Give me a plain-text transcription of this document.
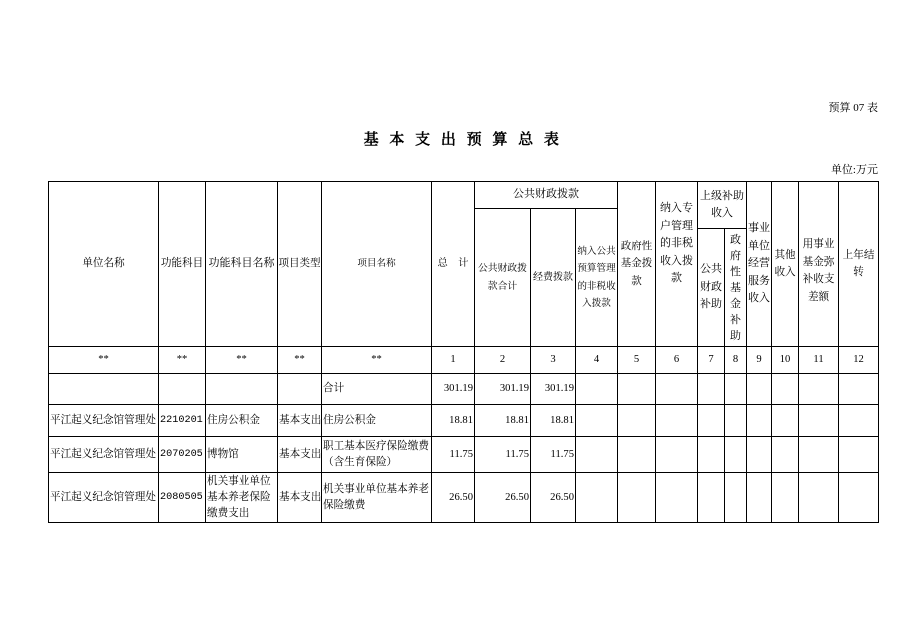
预算 07 表
基 本 支 出 预 算 总 表
单位:万元
单位名称	功能科目	功能科目名称	项目类型	项目名称	总　计	公共财政拨款			政府性基金拨款	纳入专户管理的非税收入拨款	上级补助收入		事业单位经营服务收入	其他收入	用事业基金弥补收支差额	上年结转
						公共财政拨款合计	经费拨款	纳入公共预算管理的非税收入拨款								
											公共财政补助	政府性基金补助				
**	**	**	**	**	1	2	3	4	5	6	7	8	9	10	11	12
				合计	301.19	301.19	301.19									
平江起义纪念馆管理处	2210201	住房公积金	基本支出	住房公积金	18.81	18.81	18.81									
平江起义纪念馆管理处	2070205	博物馆	基本支出	职工基本医疗保险缴费（含生育保险）	11.75	11.75	11.75									
平江起义纪念馆管理处	2080505	机关事业单位基本养老保险缴费支出	基本支出	机关事业单位基本养老保险缴费	26.50	26.50	26.50									
